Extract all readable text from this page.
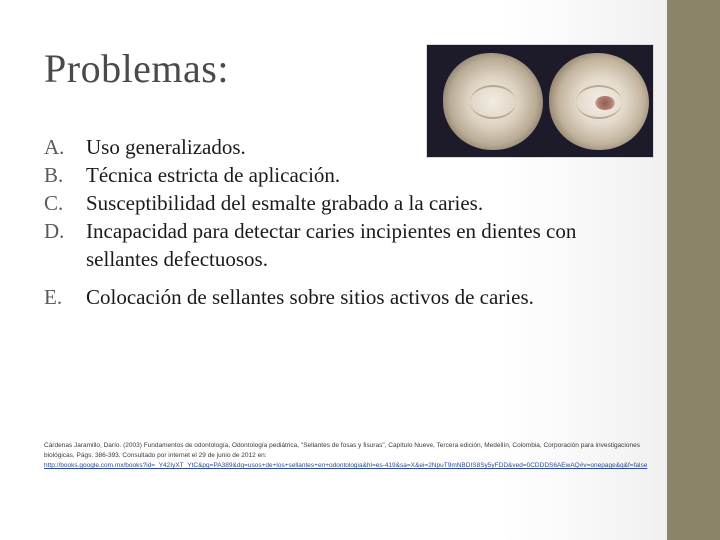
Problemas:
A.	Uso generalizados.
B.	Técnica estricta de aplicación.
C.	Susceptibilidad del esmalte grabado a la caries.
D.	Incapacidad para detectar caries incipientes en dientes con sellantes defectuosos.
E.	Colocación de sellantes sobre sitios activos de caries.
Cárdenas Jaramillo, Darío. (2003) Fundamentos de odontología, Odontología pediátrica, "Sellantes de fosas y fisuras", Capítulo Nueve, Tercera edición, Medellín, Colombia, Corporación para investigaciones biológicas, Págs. 386-393. Consultado por internet el 29 de junio de 2012 en:
http://books.google.com.mx/books?id=_Y42IyXT_YtC&pg=PA389&dq=usos+de+los+sellantes+en+odontologia&hl=es-419&sa=X&ei=2NpuT9mNBDIS8Sy5yFDD&ved=0CDDDS6AEwAQ#v=onepage&q&f=false
